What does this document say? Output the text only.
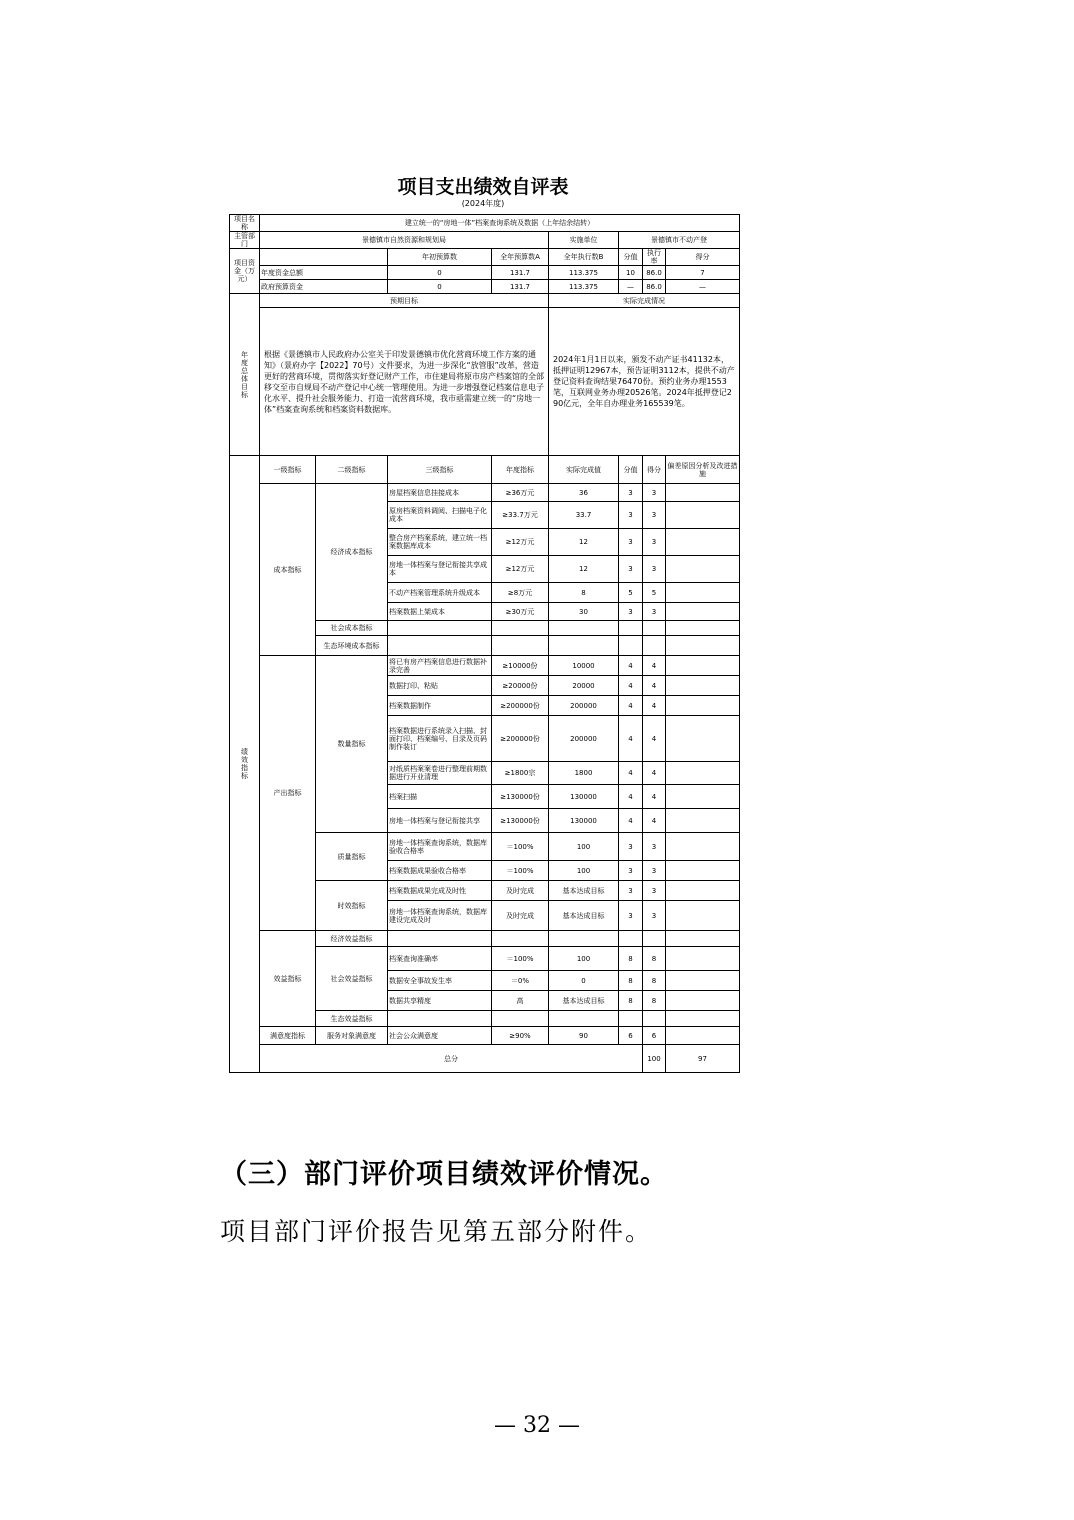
项目支出绩效自评表
(2024年度)
项目名称	建立统一的“房地一体”档案查询系统及数据（上年结余结转）								
主管部门	景德镇市自然资源和规划局				实施单位	景德镇市不动产登			
项目资金（万元）			年初预算数	全年预算数A	全年执行数B	分值	执行率	得分	
	年度资金总额		0	131.7	113.375	10	86.0	7	
	政府预算资金		0	131.7	113.375	—	86.0	—	
年度总体目标	预期目标				实际完成情况				
	根据《景德镇市人民政府办公室关于印发景德镇市优化营商环境工作方案的通知》（景府办字【2022】70号）文件要求，为进一步深化“放管服”改革，营造更好的营商环境，贯彻落实好登记财产工作，市住建局将原市房产档案馆的全部移交至市自规局不动产登记中心统一管理使用。为进一步增强登记档案信息电子化水平、提升社会服务能力、打造一流营商环境，我市亟需建立统一的“房地一体”档案查询系统和档案资料数据库。				2024年1月1日以来，颁发不动产证书41132本，抵押证明12967本，预告证明3112本，提供不动产登记资料查询结果76470份。预约业务办理1553笔，互联网业务办理20526笔。2024年抵押登记290亿元，全年自办理业务165539笔。				
绩效指标	一级指标	二级指标	三级指标	年度指标	实际完成值	分值	得分	偏差原因分析及改进措施	
	成本指标	经济成本指标	房屋档案信息挂接成本	≥36万元	36	3	3		
			原房档案资料调阅、扫描电子化成本	≥33.7万元	33.7	3	3		
			整合房产档案系统，建立统一档案数据库成本	≥12万元	12	3	3		
			房地一体档案与登记衔接共享成本	≥12万元	12	3	3		
			不动产档案管理系统升级成本	≥8万元	8	5	5		
			档案数据上架成本	≥30万元	30	3	3		
		社会成本指标							
		生态环境成本指标							
	产出指标	数量指标	将已有房产档案信息进行数据补录完善	≥10000份	10000	4	4		
			数据打印、粘贴	≥20000份	20000	4	4		
			档案数据制作	≥200000份	200000	4	4		
			档案数据进行系统录入扫描、封面打印、档案编号、目录及页码制作装订	≥200000份	200000	4	4		
			对纸质档案案卷进行整理前期数据进行开业清理	≥1800宗	1800	4	4		
			档案扫描	≥130000份	130000	4	4		
			房地一体档案与登记衔接共享	≥130000份	130000	4	4		
		质量指标	房地一体档案查询系统，数据库验收合格率	＝100%	100	3	3		
			档案数据成果验收合格率	＝100%	100	3	3		
		时效指标	档案数据成果完成及时性	及时完成	基本达成目标	3	3		
			房地一体档案查询系统，数据库建设完成及时	及时完成	基本达成目标	3	3		
	效益指标	经济效益指标							
		社会效益指标	档案查询准确率	＝100%	100	8	8		
			数据安全事故发生率	＝0%	0	8	8		
			数据共享精度	高	基本达成目标	8	8		
		生态效益指标							
	满意度指标	服务对象满意度	社会公众满意度	≥90%	90	6	6		
	总分						100	97	
（三）部门评价项目绩效评价情况。
项目部门评价报告见第五部分附件。
— 32 —
